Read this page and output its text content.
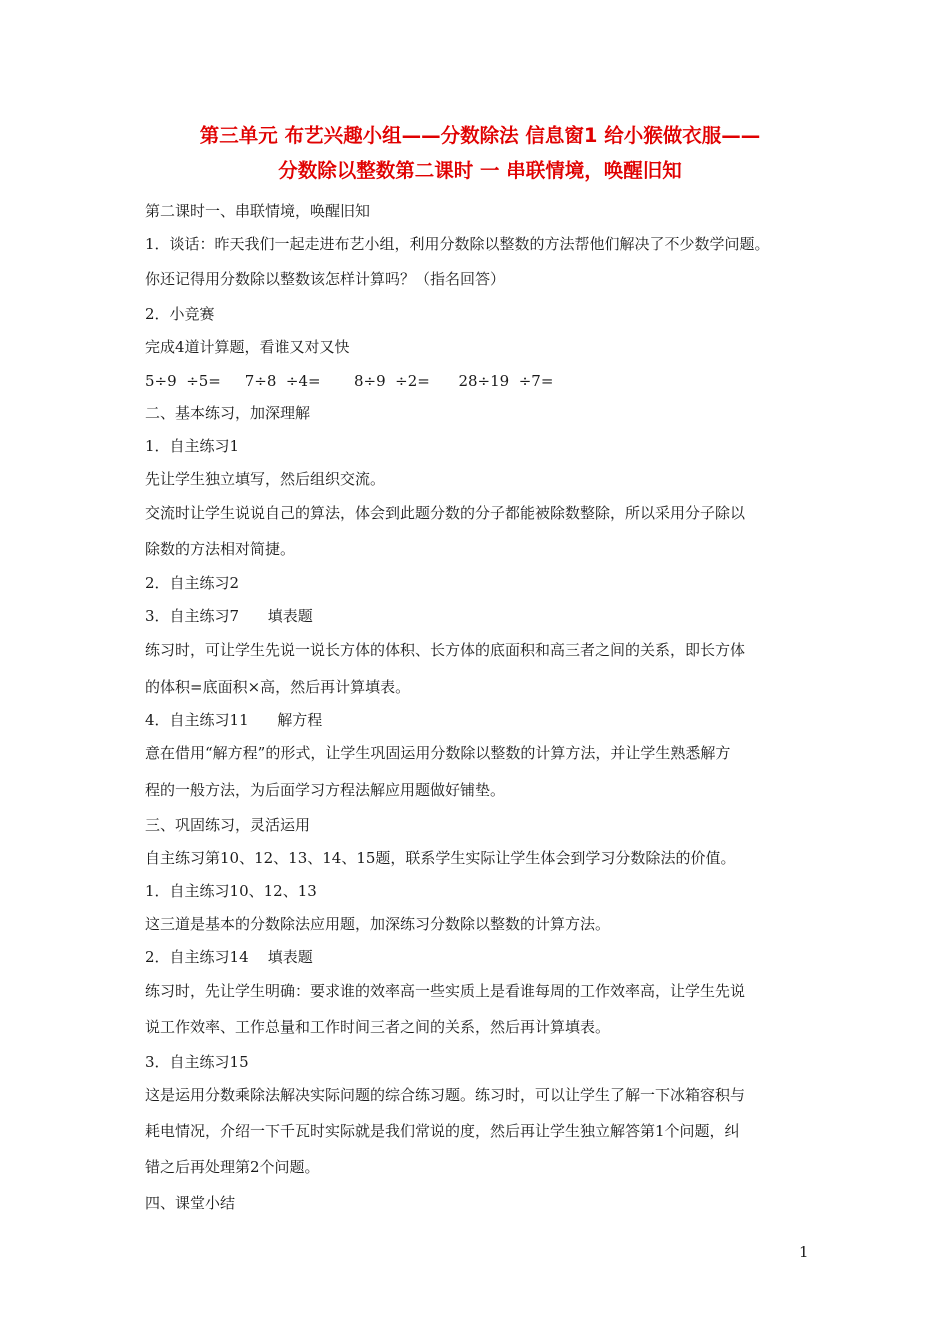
第三单元 布艺兴趣小组——分数除法 信息窗1 给小猴做衣服——
分数除以整数第二课时 一 串联情境，唤醒旧知
第二课时一、串联情境，唤醒旧知
1．谈话：昨天我们一起走进布艺小组，利用分数除以整数的方法帮他们解决了不少数学问题。
你还记得用分数除以整数该怎样计算吗？（指名回答）
2．小竞赛
完成4道计算题，看谁又对又快
5÷9  ÷5=     7÷8  ÷4=       8÷9  ÷2=      28÷19  ÷7=
二、基本练习，加深理解
1．自主练习1
先让学生独立填写，然后组织交流。
交流时让学生说说自己的算法，体会到此题分数的分子都能被除数整除，所以采用分子除以
除数的方法相对简捷。
2．自主练习2
3．自主练习7      填表题
练习时，可让学生先说一说长方体的体积、长方体的底面积和高三者之间的关系，即长方体
的体积=底面积×高，然后再计算填表。
4．自主练习11      解方程
意在借用“解方程”的形式，让学生巩固运用分数除以整数的计算方法，并让学生熟悉解方
程的一般方法，为后面学习方程法解应用题做好铺垫。
三、巩固练习，灵活运用
自主练习第10、12、13、14、15题，联系学生实际让学生体会到学习分数除法的价值。
1．自主练习10、12、13
这三道是基本的分数除法应用题，加深练习分数除以整数的计算方法。
2．自主练习14    填表题
练习时，先让学生明确：要求谁的效率高一些实质上是看谁每周的工作效率高，让学生先说
说工作效率、工作总量和工作时间三者之间的关系，然后再计算填表。
3．自主练习15
这是运用分数乘除法解决实际问题的综合练习题。练习时，可以让学生了解一下冰箱容积与
耗电情况，介绍一下千瓦时实际就是我们常说的度，然后再让学生独立解答第1个问题，纠
错之后再处理第2个问题。
四、课堂小结
1
